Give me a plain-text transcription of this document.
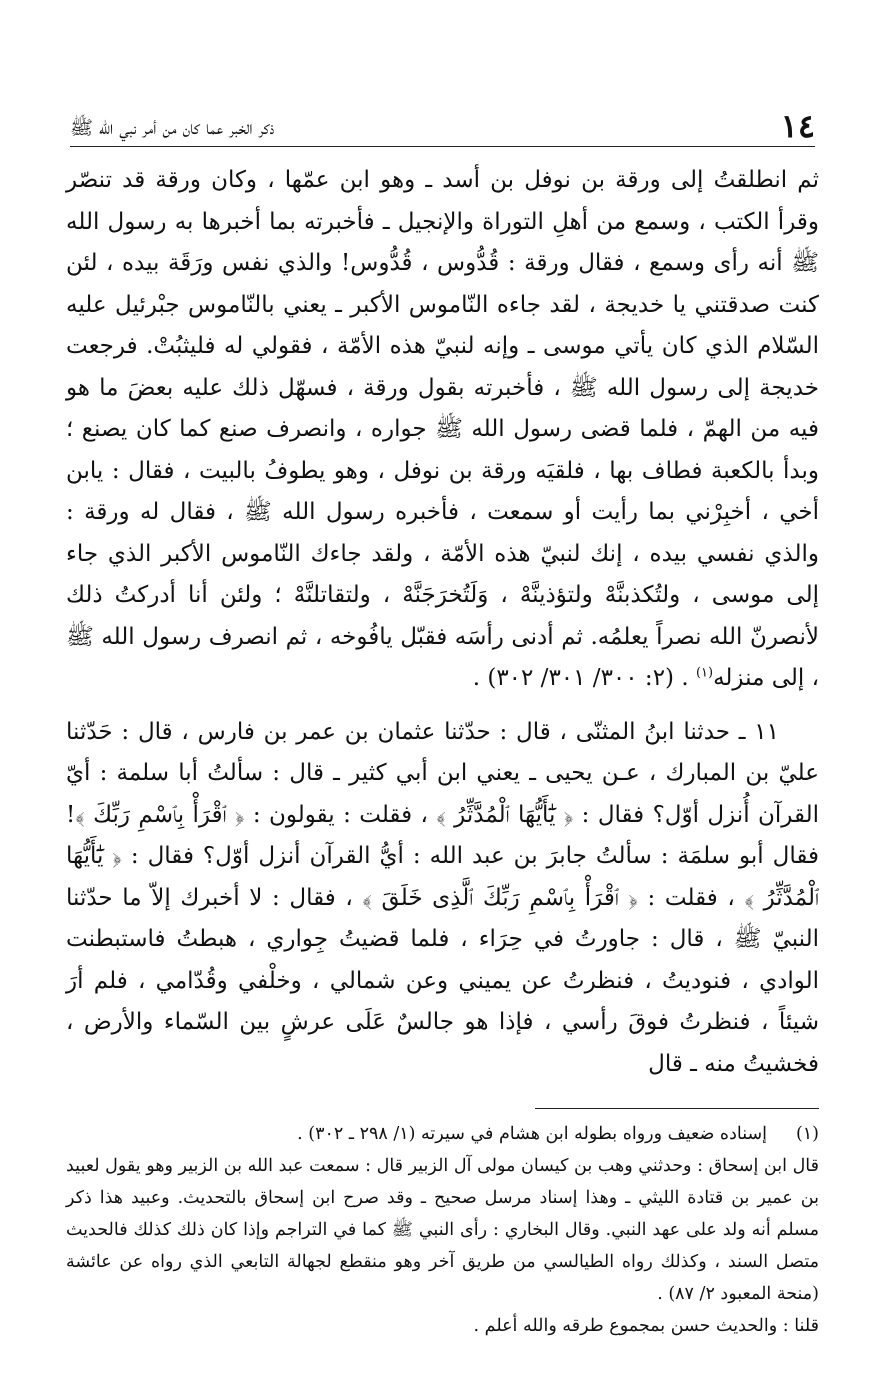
١٤
ذكر الخبر عما كان من أمر نبي الله ﷺ

ثم انطلقتُ إلى ورقة بن نوفل بن أسد ـ وهو ابن عمّها ، وكان ورقة قد تنصّر وقرأ الكتب ، وسمع من أهلِ التوراة والإنجيل ـ فأخبرته بما أخبرها به رسول الله ﷺ أنه رأى وسمع ، فقال ورقة : قُدُّوس ، قُدُّوس! والذي نفس ورَقَة بيده ، لئن كنت صدقتني يا خديجة ، لقد جاءه النّاموس الأكبر ـ يعني بالنّاموس جبْرئيل عليه السّلام الذي كان يأتي موسى ـ وإنه لنبيّ هذه الأمّة ، فقولي له فليثبُتْ. فرجعت خديجة إلى رسول الله ﷺ ، فأخبرته بقول ورقة ، فسهّل ذلك عليه بعضَ ما هو فيه من الهمّ ، فلما قضى رسول الله ﷺ جواره ، وانصرف صنع كما كان يصنع ؛ وبدأ بالكعبة فطاف بها ، فلقيَه ورقة بن نوفل ، وهو يطوفُ بالبيت ، فقال : يابن أخي ، أخبِرْني بما رأيت أو سمعت ، فأخبره رسول الله ﷺ ، فقال له ورقة : والذي نفسي بيده ، إنك لنبيّ هذه الأمّة ، ولقد جاءك النّاموس الأكبر الذي جاء إلى موسى ، ولتُكذبنَّهْ ولتؤذينَّهْ ، وَلَتُخرَجَنَّهْ ، ولتقاتلنَّهْ ؛ ولئن أنا أدركتُ ذلك لأنصرنّ الله نصراً يعلمُه. ثم أدنى رأسَه فقبّل يافُوخه ، ثم انصرف رسول الله ﷺ ، إلى منزله$^{(١)}$ . (٢: ٣٠٠/ ٣٠١/ ٣٠٢) .

١١ ـ حدثنا ابنُ المثنّى ، قال : حدّثنا عثمان بن عمر بن فارس ، قال : حَدّثنا عليّ بن المبارك ، عـن يحيى ـ يعني ابن أبي كثير ـ قال : سألتُ أبا سلمة : أيّ القرآن أُنزل أوّل؟ فقال : ﴿ يَٰٓأَيُّهَا ٱلْمُدَّثِّرُ ﴾ ، فقلت : يقولون : ﴿ ٱقْرَأْ بِٱسْمِ رَبِّكَ ﴾! فقال أبو سلمَة : سألتُ جابرَ بن عبد الله : أيُّ القرآن أنزل أوّل؟ فقال : ﴿ يَٰٓأَيُّهَا ٱلْمُدَّثِّرُ ﴾ ، فقلت : ﴿ ٱقْرَأْ بِٱسْمِ رَبِّكَ ٱلَّذِى خَلَقَ ﴾ ، فقال : لا أخبرك إلاّ ما حدّثنا النبيّ ﷺ ، قال : جاورتُ في حِرَاء ، فلما قضيتُ جِواري ، هبطتُ فاستبطنت الوادي ، فنوديتُ ، فنظرتُ عن يميني وعن شمالي ، وخلْفي وقُدّامي ، فلم أرَ شيئاً ، فنظرتُ فوقَ رأسي ، فإذا هو جالسٌ عَلَى عرشٍ بين السّماء والأرض ، فخشيتُ منه ـ قال

(١)
إسناده ضعيف ورواه بطوله ابن هشام في سيرته (١/ ٢٩٨ ـ ٣٠٢) .

قال ابن إسحاق : وحدثني وهب بن كيسان مولى آل الزبير قال : سمعت عبد الله بن الزبير وهو يقول لعبيد بن عمير بن قتادة الليثي ـ وهذا إسناد مرسل صحيح ـ وقد صرح ابن إسحاق بالتحديث. وعبيد هذا ذكر مسلم أنه ولد على عهد النبي. وقال البخاري : رأى النبي ﷺ كما في التراجم وإذا كان ذلك كذلك فالحديث متصل السند ، وكذلك رواه الطيالسي من طريق آخر وهو منقطع لجهالة التابعي الذي رواه عن عائشة (منحة المعبود ٢/ ٨٧) .

قلنا : والحديث حسن بمجموع طرقه والله أعلم .
